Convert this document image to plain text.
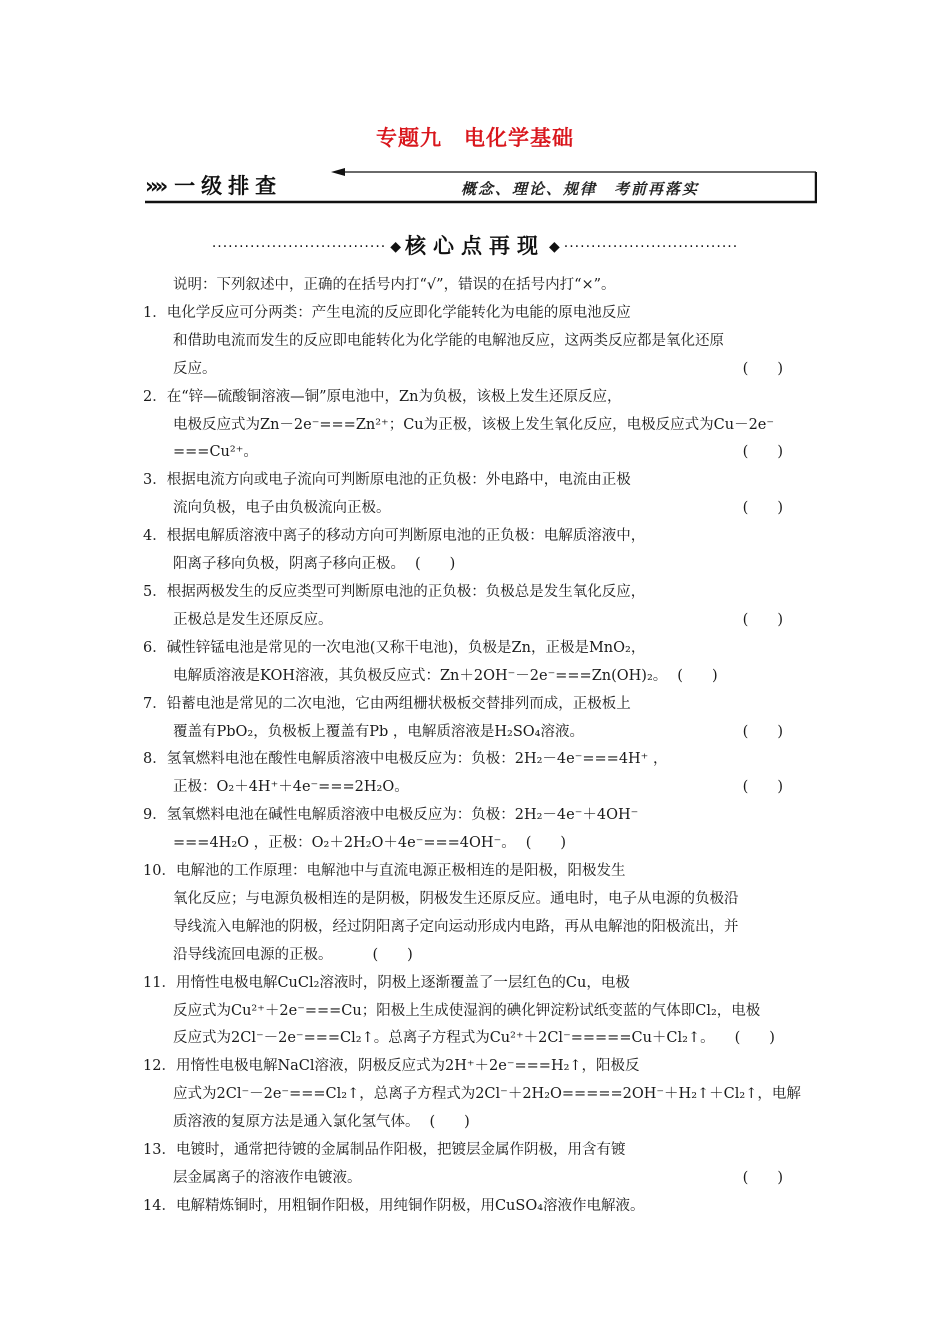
专题九　电化学基础
»» 一级排查	概念、理论、规律　考前再落实
································ ◆ 核心点再现 ◆ ································
说明：下列叙述中，正确的在括号内打“√”，错误的在括号内打“×”。
1．电化学反应可分两类：产生电流的反应即化学能转化为电能的原电池反应
和借助电流而发生的反应即电能转化为化学能的电解池反应，这两类反应都是氧化还原
反应。	(　　)
2．在“锌—硫酸铜溶液—铜”原电池中，Zn为负极，该极上发生还原反应，
电极反应式为Zn－2e⁻===Zn²⁺；Cu为正极，该极上发生氧化反应，电极反应式为Cu－2e⁻
===Cu²⁺。	(　　)
3．根据电流方向或电子流向可判断原电池的正负极：外电路中，电流由正极
流向负极，电子由负极流向正极。	(　　)
4．根据电解质溶液中离子的移动方向可判断原电池的正负极：电解质溶液中，
阳离子移向负极，阴离子移向正极。 (　　)
5．根据两极发生的反应类型可判断原电池的正负极：负极总是发生氧化反应，
正极总是发生还原反应。	(　　)
6．碱性锌锰电池是常见的一次电池(又称干电池)，负极是Zn，正极是MnO₂，
电解质溶液是KOH溶液，其负极反应式：Zn＋2OH⁻－2e⁻===Zn(OH)₂。 (　　)
7．铅蓄电池是常见的二次电池，它由两组栅状极板交替排列而成，正极板上
覆盖有PbO₂，负极板上覆盖有Pb ，电解质溶液是H₂SO₄溶液。	(　　)
8．氢氧燃料电池在酸性电解质溶液中电极反应为：负极：2H₂－4e⁻===4H⁺ ，
正极：O₂＋4H⁺＋4e⁻===2H₂O。	(　　)
9．氢氧燃料电池在碱性电解质溶液中电极反应为：负极：2H₂－4e⁻＋4OH⁻
===4H₂O ，正极：O₂＋2H₂O＋4e⁻===4OH⁻。 (　　)
10．电解池的工作原理：电解池中与直流电源正极相连的是阳极，阳极发生
氧化反应；与电源负极相连的是阴极，阴极发生还原反应。通电时，电子从电源的负极沿
导线流入电解池的阴极，经过阴阳离子定向运动形成内电路，再从电解池的阳极流出，并
沿导线流回电源的正极。	(　　)
11．用惰性电极电解CuCl₂溶液时，阴极上逐渐覆盖了一层红色的Cu，电极
反应式为Cu²⁺＋2e⁻===Cu；阳极上生成使湿润的碘化钾淀粉试纸变蓝的气体即Cl₂，电极
反应式为2Cl⁻－2e⁻===Cl₂↑。总离子方程式为Cu²⁺＋2Cl⁻=====Cu＋Cl₂↑。 (　　)
12．用惰性电极电解NaCl溶液，阴极反应式为2H⁺＋2e⁻===H₂↑，阳极反
应式为2Cl⁻－2e⁻===Cl₂↑，总离子方程式为2Cl⁻＋2H₂O=====2OH⁻＋H₂↑＋Cl₂↑，电解
质溶液的复原方法是通入氯化氢气体。 (　　)
13．电镀时，通常把待镀的金属制品作阳极，把镀层金属作阴极，用含有镀
层金属离子的溶液作电镀液。	(　　)
14．电解精炼铜时，用粗铜作阳极，用纯铜作阴极，用CuSO₄溶液作电解液。
